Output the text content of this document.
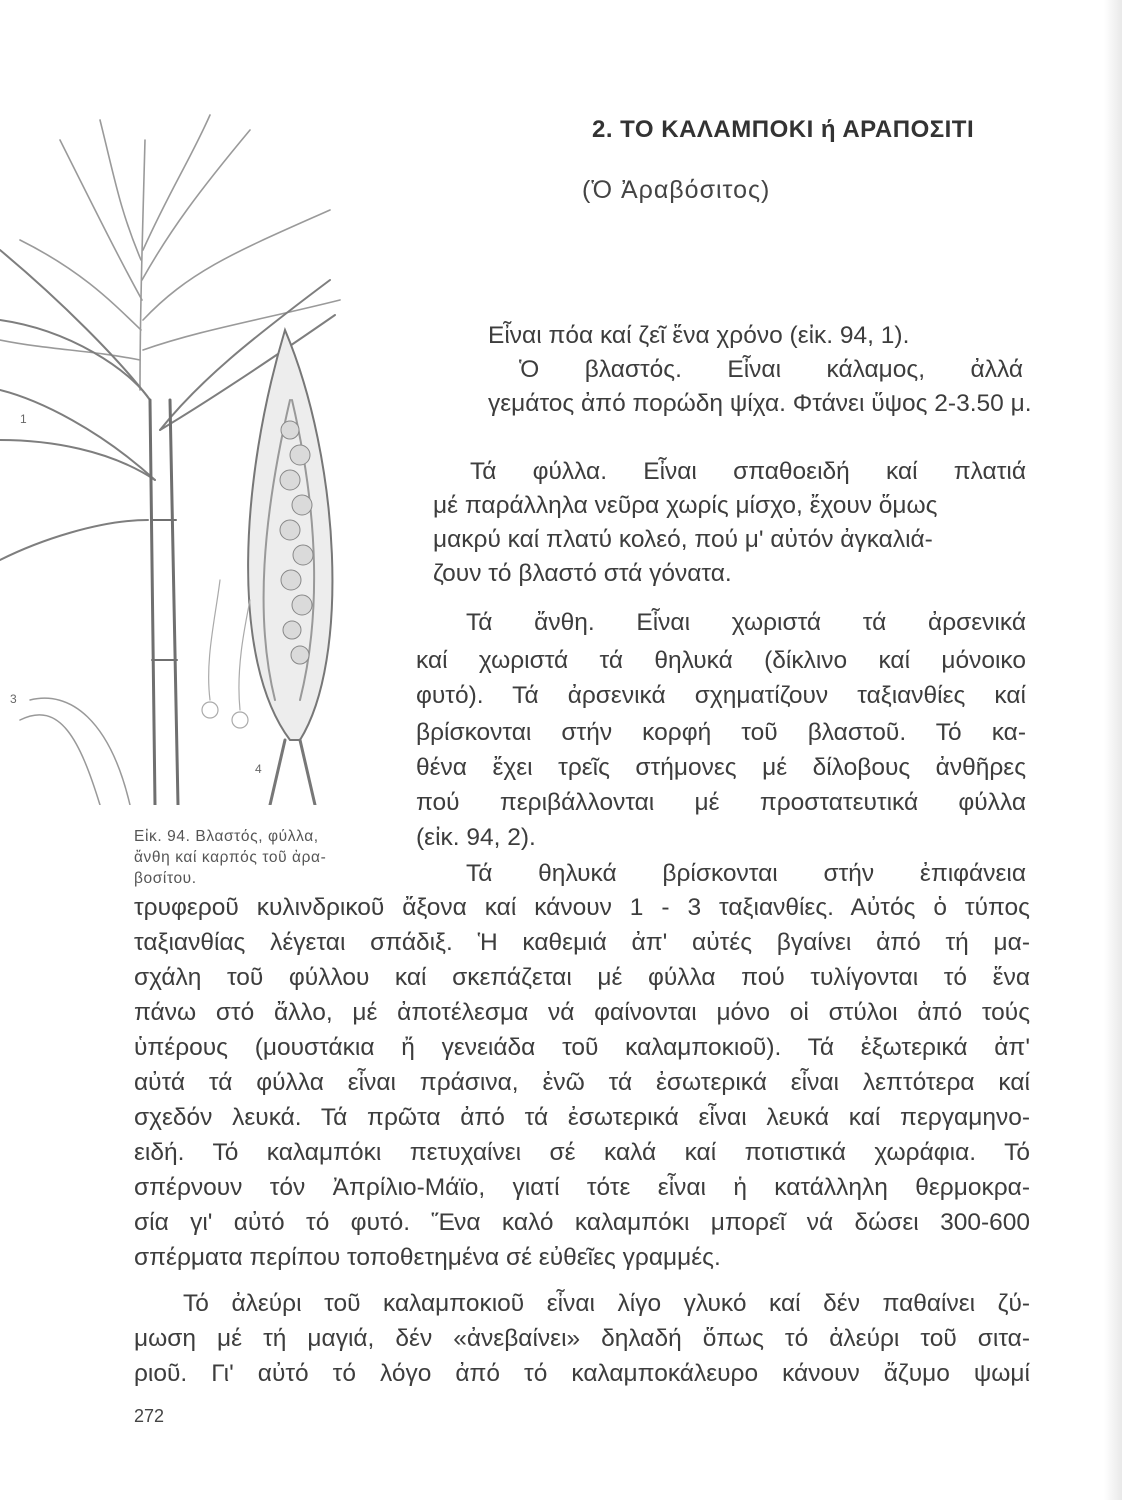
2. ΤΟ ΚΑΛΑΜΠΟΚΙ ή ΑΡΑΠΟΣΙΤΙ
(Ὁ Ἀραβόσιτος)
1
3
4
Εἰκ. 94. Βλαστός, φύλλα,
ἄνθη καί καρπός τοῦ ἀρα-
βοσίτου.
Εἶναι πόα καί ζεῖ ἕνα χρόνο (εἰκ. 94, 1).
Ὁ βλαστός. Εἶναι κάλαμος, ἀλλά
γεμάτος ἀπό πορώδη ψίχα. Φτάνει ὕψος 2-3.50 μ.
Τά φύλλα. Εἶναι σπαθοειδή καί πλατιά
μέ παράλληλα νεῦρα χωρίς μίσχο, ἔχουν ὅμως
μακρύ καί πλατύ κολεό, πού μ' αὐτόν ἀγκαλιά-
ζουν τό βλαστό στά γόνατα.
Τά ἄνθη. Εἶναι χωριστά τά ἀρσενικά
καί χωριστά τά θηλυκά (δίκλινο καί μόνοικο
φυτό). Τά ἀρσενικά σχηματίζουν ταξιανθίες καί
βρίσκονται στήν κορφή τοῦ βλαστοῦ. Τό κα-
θένα ἔχει τρεῖς στήμονες μέ δίλοβους ἀνθῆρες
πού περιβάλλονται μέ προστατευτικά φύλλα
(εἰκ. 94, 2).
Τά θηλυκά βρίσκονται στήν ἐπιφάνεια
τρυφεροῦ κυλινδρικοῦ ἄξονα καί κάνουν 1 - 3 ταξιανθίες. Αὐτός ὁ τύπος
ταξιανθίας λέγεται σπάδιξ. Ἡ καθεμιά ἀπ' αὐτές βγαίνει ἀπό τή μα-
σχάλη τοῦ φύλλου καί σκεπάζεται μέ φύλλα πού τυλίγονται τό ἕνα
πάνω στό ἄλλο, μέ ἀποτέλεσμα νά φαίνονται μόνο οἱ στύλοι ἀπό τούς
ὑπέρους (μουστάκια ἤ γενειάδα τοῦ καλαμποκιοῦ). Τά ἐξωτερικά ἀπ'
αὐτά τά φύλλα εἶναι πράσινα, ἐνῶ τά ἐσωτερικά εἶναι λεπτότερα καί
σχεδόν λευκά. Τά πρῶτα ἀπό τά ἐσωτερικά εἶναι λευκά καί περγαμηνο-
ειδή. Τό καλαμπόκι πετυχαίνει σέ καλά καί ποτιστικά χωράφια. Τό
σπέρνουν τόν Ἀπρίλιο-Μάϊο, γιατί τότε εἶναι ἡ κατάλληλη θερμοκρα-
σία γι' αὐτό τό φυτό. Ἕνα καλό καλαμπόκι μπορεῖ νά δώσει 300-600
σπέρματα περίπου τοποθετημένα σέ εὐθεῖες γραμμές.
Τό ἀλεύρι τοῦ καλαμποκιοῦ εἶναι λίγο γλυκό καί δέν παθαίνει ζύ-
μωση μέ τή μαγιά, δέν «ἀνεβαίνει» δηλαδή ὅπως τό ἀλεύρι τοῦ σιτα-
ριοῦ. Γι' αὐτό τό λόγο ἀπό τό καλαμποκάλευρο κάνουν ἄζυμο ψωμί
272
